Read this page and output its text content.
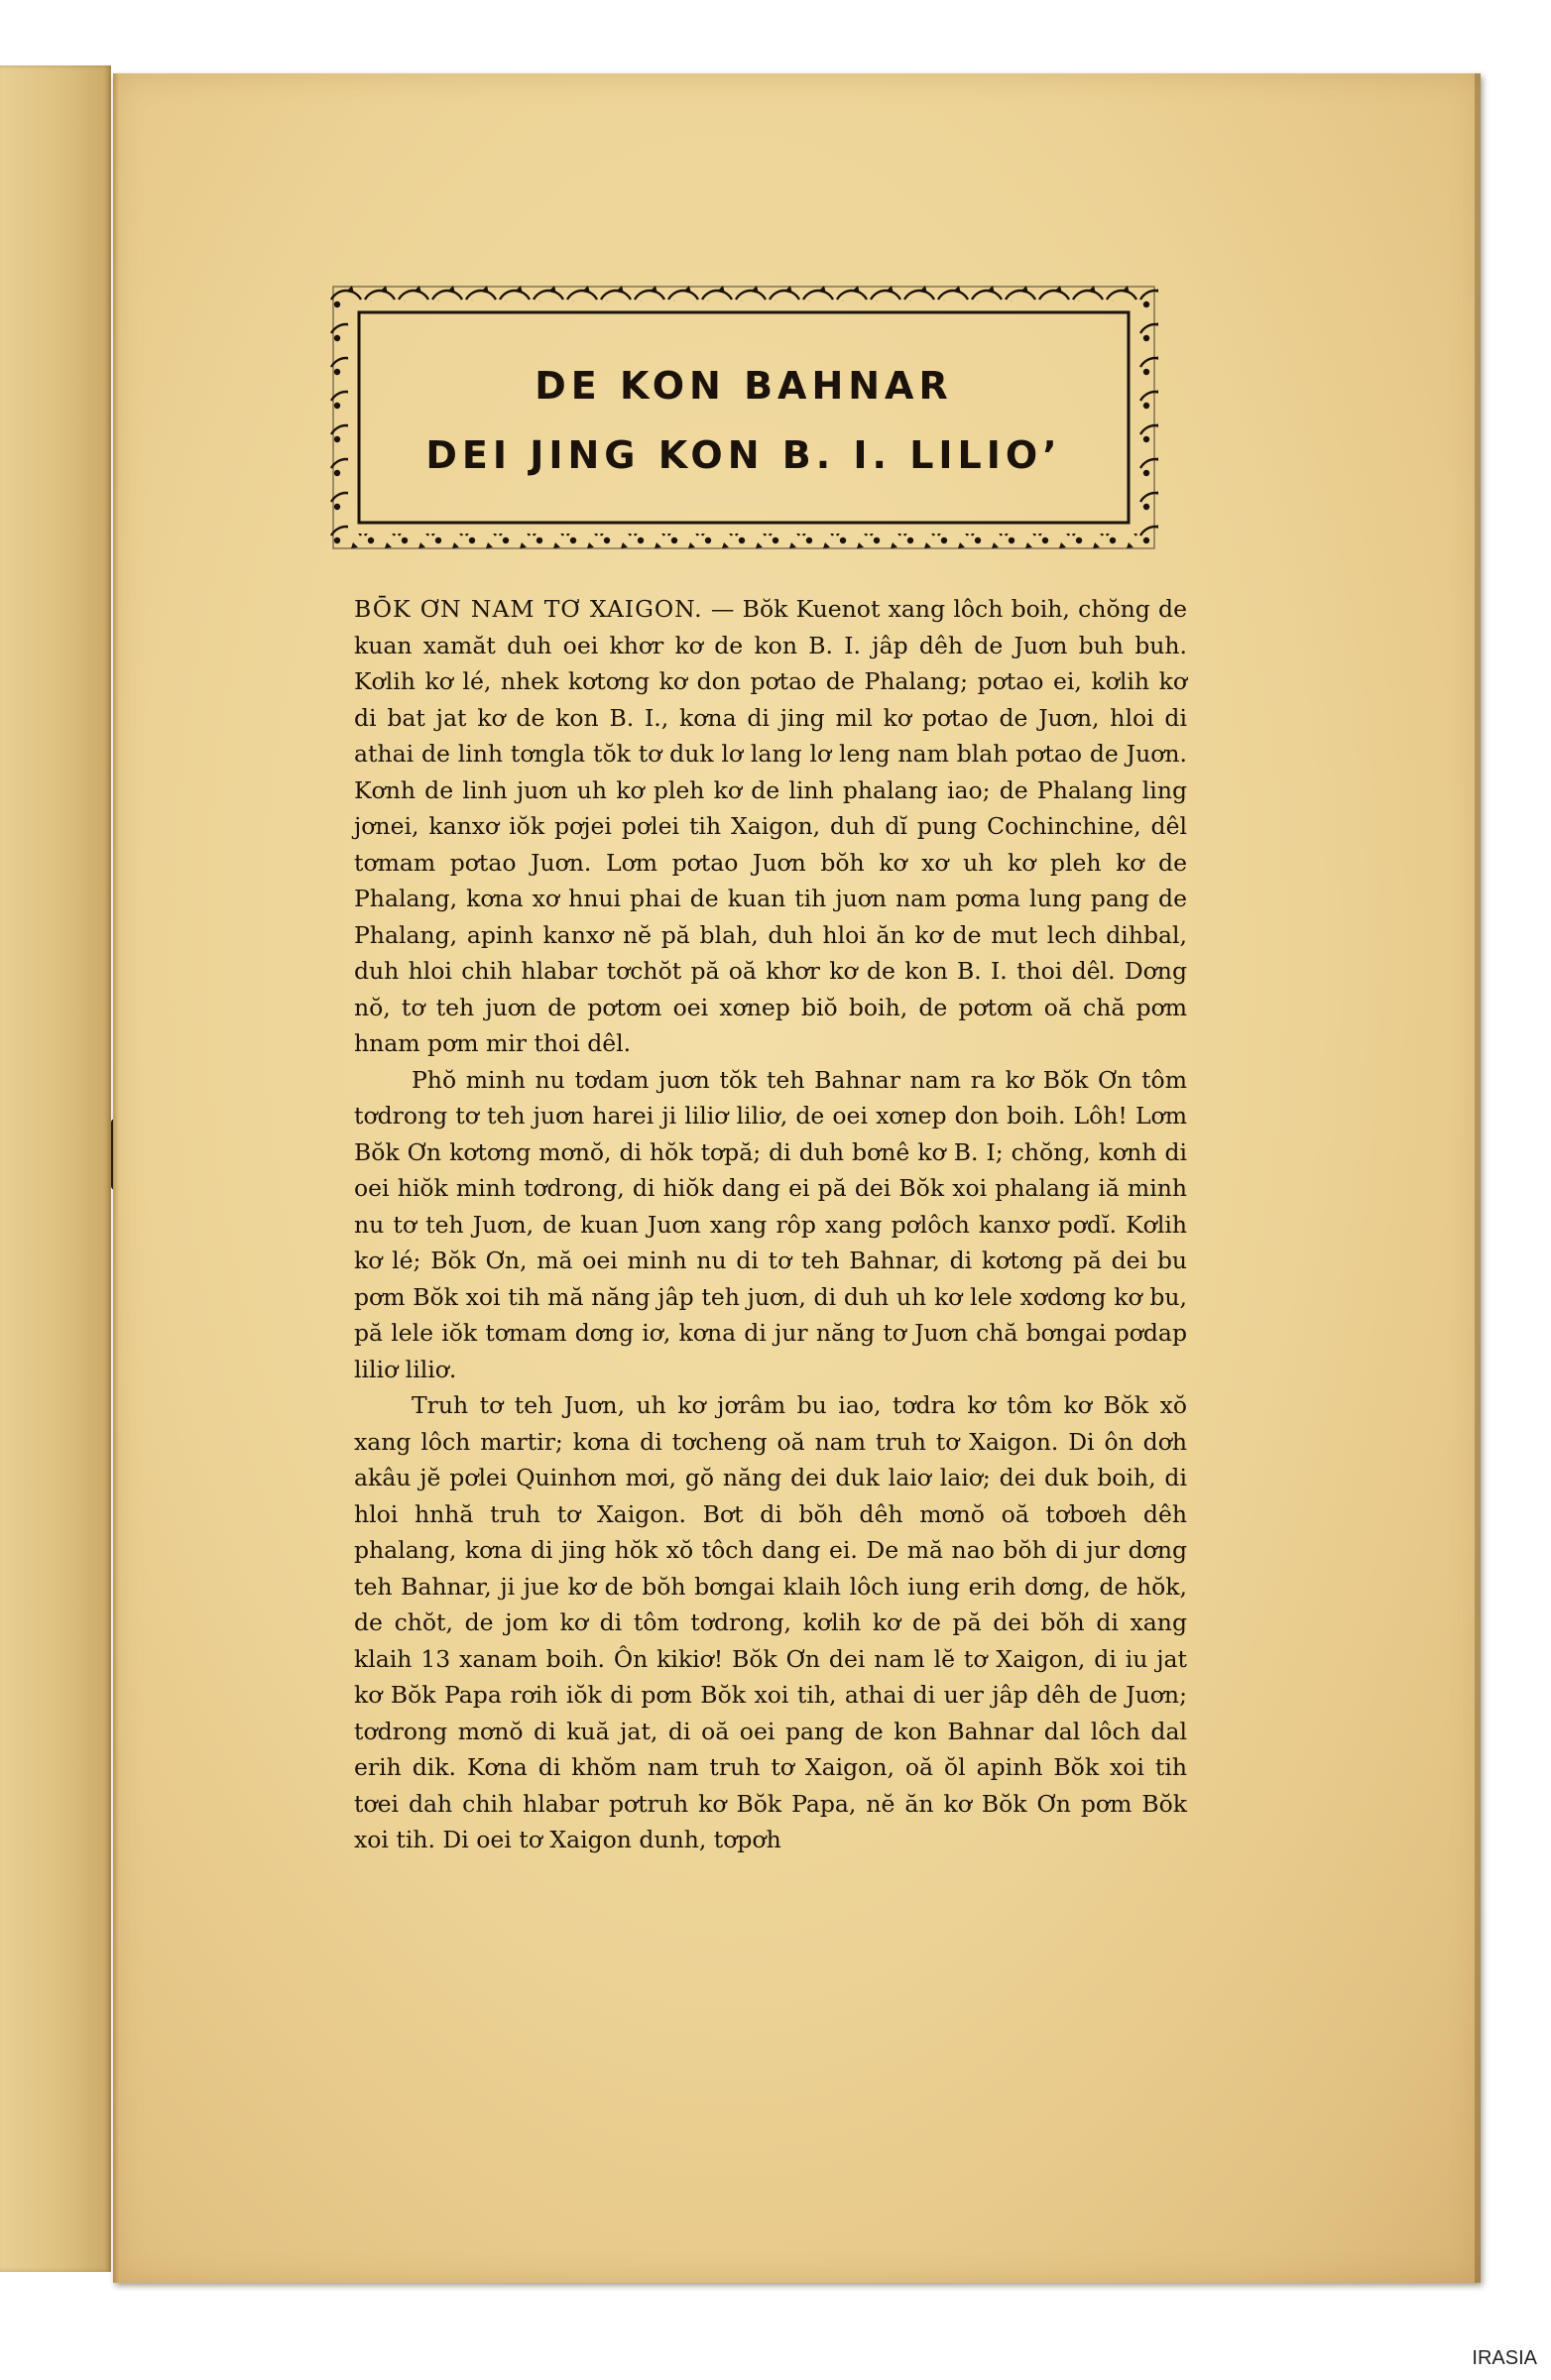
DE KON BAHNAR
DEI JING KON B. I. LILIO’

BŌK ƠN NAM TƠ XAIGON. — Bŏk Kuenot xang lôch boih, chŏng de kuan xamăt duh oei khơr kơ de kon B. I. jâp dêh de Juơn buh buh. Kơlih kơ lé, nhek kơtơng kơ don pơtao de Phalang; pơtao ei, kơlih kơ di bat jat kơ de kon B. I., kơna di jing mil kơ pơtao de Juơn, hloi di athai de linh tơngla tŏk tơ duk lơ lang lơ leng nam blah pơtao de Juơn. Kơnh de linh juơn uh kơ pleh kơ de linh phalang iao; de Phalang ling jơnei, kanxơ iŏk pơjei pơlei tih Xaigon, duh dĭ pung Cochinchine, dêl tơmam pơtao Juơn. Lơm pơtao Juơn bŏh kơ xơ uh kơ pleh kơ de Phalang, kơna xơ hnui phai de kuan tih juơn nam pơma lung pang de Phalang, apinh kanxơ nĕ pă blah, duh hloi ăn kơ de mut lech dihbal, duh hloi chih hlabar tơchŏt pă oă khơr kơ de kon B. I. thoi dêl. Dơng nŏ, tơ teh juơn de pơtơm oei xơnep biŏ boih, de pơtơm oă chă pơm hnam pơm mir thoi dêl.

Phŏ minh nu tơdam juơn tŏk teh Bahnar nam ra kơ Bŏk Ơn tôm tơdrong tơ teh juơn harei ji liliơ liliơ, de oei xơnep don boih. Lôh! Lơm Bŏk Ơn kơtơng mơnŏ, di hŏk tơpă; di duh bơnê kơ B. I; chŏng, kơnh di oei hiŏk minh tơdrong, di hiŏk dang ei pă dei Bŏk xoi phalang iă minh nu tơ teh Juơn, de kuan Juơn xang rôp xang pơlôch kanxơ pơdĭ. Kơlih kơ lé; Bŏk Ơn, mă oei minh nu di tơ teh Bahnar, di kơtơng pă dei bu pơm Bŏk xoi tih mă năng jâp teh juơn, di duh uh kơ lele xơdơng kơ bu, pă lele iŏk tơmam dơng iơ, kơna di jur năng tơ Juơn chă bơngai pơdap liliơ liliơ.

Truh tơ teh Juơn, uh kơ jơrâm bu iao, tơdra kơ tôm kơ Bŏk xŏ xang lôch martir; kơna di tơcheng oă nam truh tơ Xaigon. Di ôn dơh akâu jĕ pơlei Quinhơn mơi, gŏ năng dei duk laiơ laiơ; dei duk boih, di hloi hnhă truh tơ Xaigon. Bơt di bŏh dêh mơnŏ oă tơbơeh dêh phalang, kơna di jing hŏk xŏ tôch dang ei. De mă nao bŏh di jur dơng teh Bahnar, ji jue kơ de bŏh bơngai klaih lôch iung erih dơng, de hŏk, de chŏt, de jom kơ di tôm tơdrong, kơlih kơ de pă dei bŏh di xang klaih 13 xanam boih. Ôn kikiơ! Bŏk Ơn dei nam lĕ tơ Xaigon, di iu jat kơ Bŏk Papa rơih iŏk di pơm Bŏk xoi tih, athai di uer jâp dêh de Juơn; tơdrong mơnŏ di kuă jat, di oă oei pang de kon Bahnar dal lôch dal erih dik. Kơna di khŏm nam truh tơ Xaigon, oă ŏl apinh Bŏk xoi tih tơei dah chih hlabar pơtruh kơ Bŏk Papa, nĕ ăn kơ Bŏk Ơn pơm Bŏk xoi tih. Di oei tơ Xaigon dunh, tơpơh

IRASIA
